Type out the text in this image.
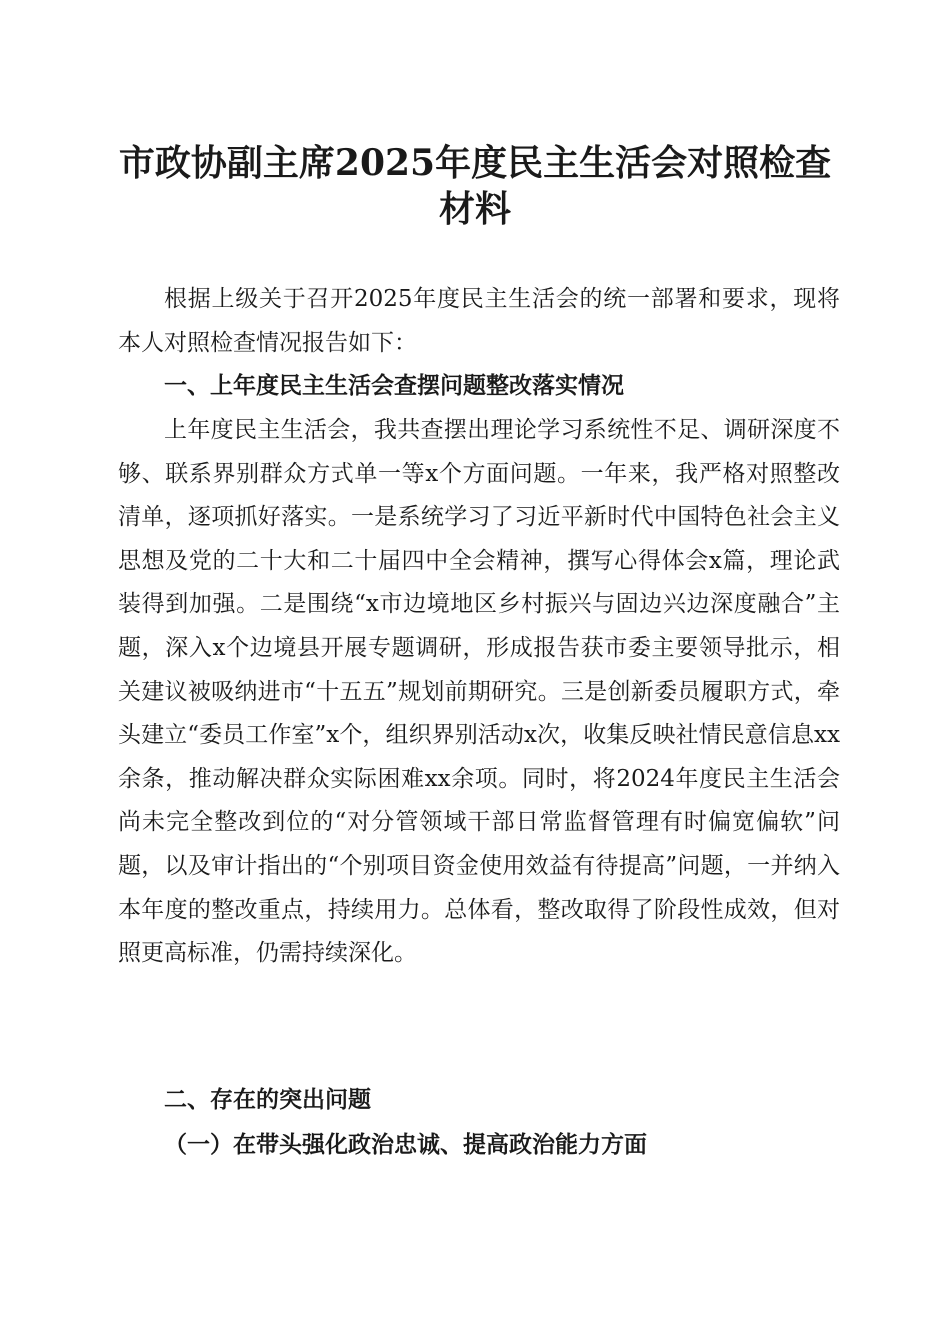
市政协副主席2025年度民主生活会对照检查
材料

根据上级关于召开2025年度民主生活会的统一部署和要求，现将本人对照检查情况报告如下：

一、上年度民主生活会查摆问题整改落实情况

上年度民主生活会，我共查摆出理论学习系统性不足、调研深度不够、联系界别群众方式单一等x个方面问题。一年来，我严格对照整改清单，逐项抓好落实。一是系统学习了习近平新时代中国特色社会主义思想及党的二十大和二十届四中全会精神，撰写心得体会x篇，理论武装得到加强。二是围绕“x市边境地区乡村振兴与固边兴边深度融合”主题，深入x个边境县开展专题调研，形成报告获市委主要领导批示，相关建议被吸纳进市“十五五”规划前期研究。三是创新委员履职方式，牵头建立“委员工作室”x个，组织界别活动x次，收集反映社情民意信息xx余条，推动解决群众实际困难xx余项。同时，将2024年度民主生活会尚未完全整改到位的“对分管领域干部日常监督管理有时偏宽偏软”问题，以及审计指出的“个别项目资金使用效益有待提高”问题，一并纳入本年度的整改重点，持续用力。总体看，整改取得了阶段性成效，但对照更高标准，仍需持续深化。

二、存在的突出问题
（一）在带头强化政治忠诚、提高政治能力方面
